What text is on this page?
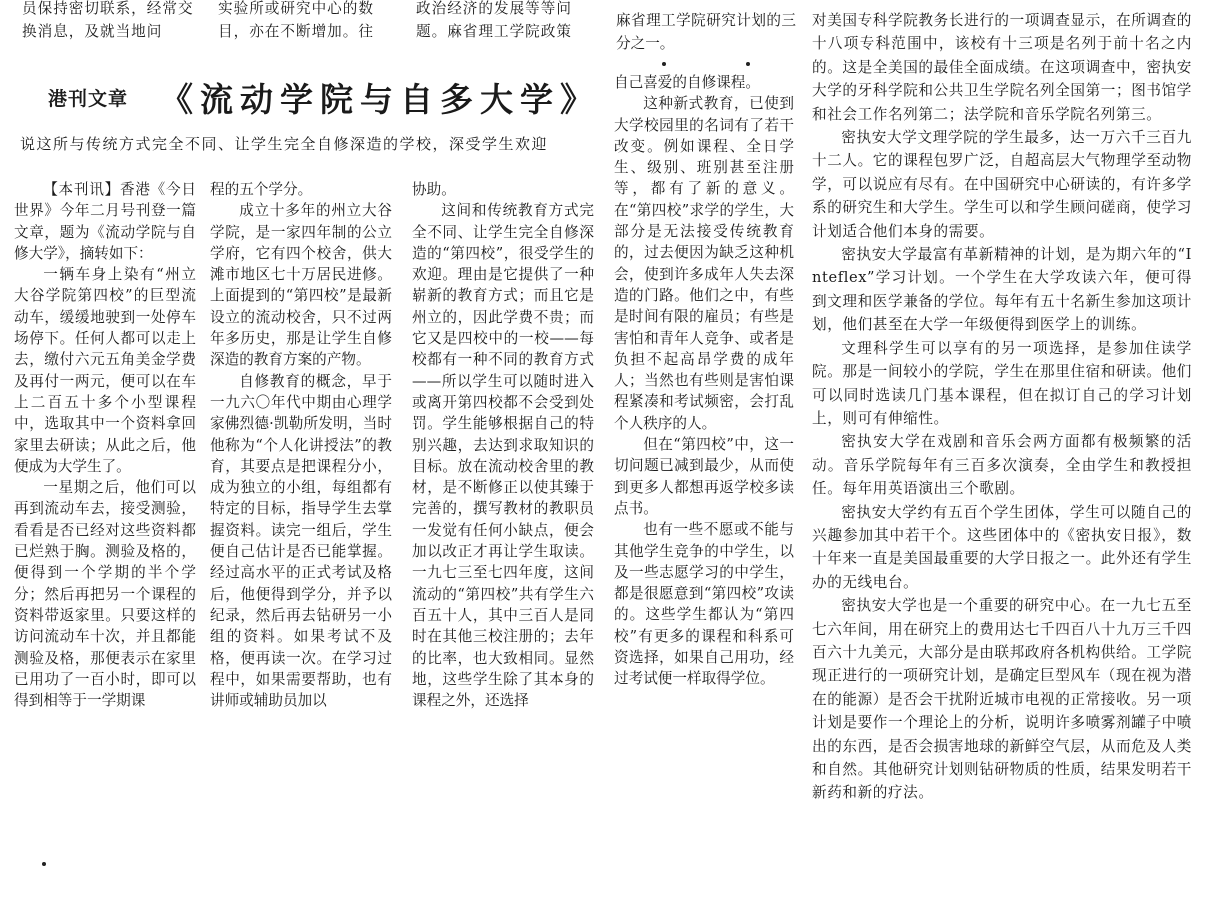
员保持密切联系，经常交换消息，及就当地问
实验所或研究中心的数目，亦在不断增加。往
政治经济的发展等等问题。麻省理工学院政策

麻省理工学院研究计划的三分之一。

港刊文章 《流动学院与自多大学》
说这所与传统方式完全不同、让学生完全自修深造的学校，深受学生欢迎

【本刊讯】香港《今日世界》今年二月号刊登一篇文章，题为《流动学院与自修大学》，摘转如下：

一辆车身上染有“州立大谷学院第四校”的巨型流动车，缓缓地驶到一处停车场停下。任何人都可以走上去，缴付六元五角美金学费及再付一两元，便可以在车上二百五十多个小型课程中，选取其中一个资料拿回家里去研读；从此之后，他便成为大学生了。

一星期之后，他们可以再到流动车去，接受测验，看看是否已经对这些资料都已烂熟于胸。测验及格的，便得到一个学期的半个学分；然后再把另一个课程的资料带返家里。只要这样的访问流动车十次，并且都能测验及格，那便表示在家里已用功了一百小时，即可以得到相等于一学期课

程的五个学分。

成立十多年的州立大谷学院，是一家四年制的公立学府，它有四个校舍，供大滩市地区七十万居民进修。上面提到的“第四校”是最新设立的流动校舍，只不过两年多历史，那是让学生自修深造的教育方案的产物。

自修教育的概念，早于一九六〇年代中期由心理学家佛烈德·凯勒所发明，当时他称为“个人化讲授法”的教育，其要点是把课程分小，成为独立的小组，每组都有特定的目标，指导学生去掌握资料。读完一组后，学生便自己估计是否已能掌握。经过高水平的正式考试及格后，他便得到学分，并予以纪录，然后再去钻研另一小组的资料。如果考试不及格，便再读一次。在学习过程中，如果需要帮助，也有讲师或辅助员加以

协助。

这间和传统教育方式完全不同、让学生完全自修深造的“第四校”，很受学生的欢迎。理由是它提供了一种崭新的教育方式；而且它是州立的，因此学费不贵；而它又是四校中的一校——每校都有一种不同的教育方式——所以学生可以随时进入或离开第四校都不会受到处罚。学生能够根据自己的特别兴趣，去达到求取知识的目标。放在流动校舍里的教材，是不断修正以使其臻于完善的，撰写教材的教职员一发觉有任何小缺点，便会加以改正才再让学生取读。一九七三至七四年度，这间流动的“第四校”共有学生六百五十人，其中三百人是同时在其他三校注册的；去年的比率，也大致相同。显然地，这些学生除了其本身的课程之外，还选择

自己喜爱的自修课程。

这种新式教育，已使到大学校园里的名词有了若干改变。例如课程、全日学生、级别、班别甚至注册等，都有了新的意义。在“第四校”求学的学生，大部分是无法接受传统教育的，过去便因为缺乏这种机会，使到许多成年人失去深造的门路。他们之中，有些是时间有限的雇员；有些是害怕和青年人竞争、或者是负担不起高昂学费的成年人；当然也有些则是害怕课程紧凑和考试频密，会打乱个人秩序的人。

但在“第四校”中，这一切问题已减到最少，从而使到更多人都想再返学校多读点书。

也有一些不愿或不能与其他学生竞争的中学生，以及一些志愿学习的中学生，都是很愿意到“第四校”攻读的。这些学生都认为“第四校”有更多的课程和科系可资选择，如果自己用功，经过考试便一样取得学位。

对美国专科学院教务长进行的一项调查显示，在所调查的十八项专科范围中，该校有十三项是名列于前十名之内的。这是全美国的最佳全面成绩。在这项调查中，密执安大学的牙科学院和公共卫生学院名列全国第一；图书馆学和社会工作名列第二；法学院和音乐学院名列第三。

密执安大学文理学院的学生最多，达一万六千三百九十二人。它的课程包罗广泛，自超高层大气物理学至动物学，可以说应有尽有。在中国研究中心研读的，有许多学系的研究生和大学生。学生可以和学生顾问磋商，使学习计划适合他们本身的需要。

密执安大学最富有革新精神的计划，是为期六年的“Inteflex”学习计划。一个学生在大学攻读六年，便可得到文理和医学兼备的学位。每年有五十名新生参加这项计划，他们甚至在大学一年级便得到医学上的训练。

文理科学生可以享有的另一项选择，是参加住读学院。那是一间较小的学院，学生在那里住宿和研读。他们可以同时选读几门基本课程，但在拟订自己的学习计划上，则可有伸缩性。

密执安大学在戏剧和音乐会两方面都有极频繁的活动。音乐学院每年有三百多次演奏，全由学生和教授担任。每年用英语演出三个歌剧。

密执安大学约有五百个学生团体，学生可以随自己的兴趣参加其中若干个。这些团体中的《密执安日报》，数十年来一直是美国最重要的大学日报之一。此外还有学生办的无线电台。

密执安大学也是一个重要的研究中心。在一九七五至七六年间，用在研究上的费用达七千四百八十九万三千四百六十九美元，大部分是由联邦政府各机构供给。工学院现正进行的一项研究计划，是确定巨型风车（现在视为潜在的能源）是否会干扰附近城市电视的正常接收。另一项计划是要作一个理论上的分析，说明许多喷雾剂罐子中喷出的东西，是否会损害地球的新鲜空气层，从而危及人类和自然。其他研究计划则钻研物质的性质，结果发明若干新药和新的疗法。
